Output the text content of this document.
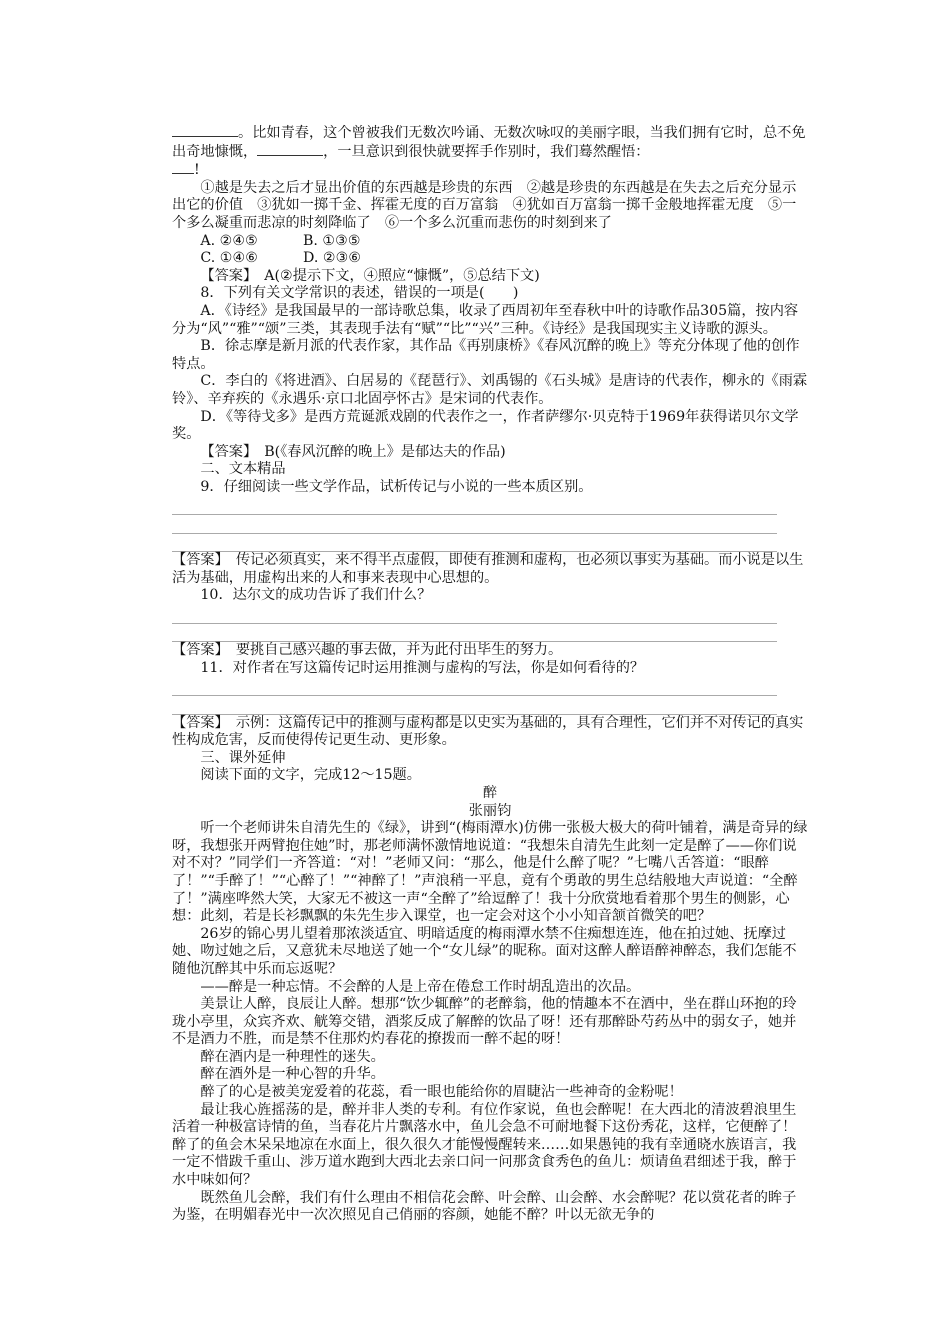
。比如青春，这个曾被我们无数次吟诵、无数次咏叹的美丽字眼，当我们拥有它时，总不免出奇地慷慨，	，一旦意识到很快就要挥手作别时，我们蓦然醒悟：

!

①越是失去之后才显出价值的东西越是珍贵的东西　②越是珍贵的东西越是在失去之后充分显示出它的价值　③犹如一掷千金、挥霍无度的百万富翁　④犹如百万富翁一掷千金般地挥霍无度　⑤一个多么凝重而悲凉的时刻降临了　⑥一个多么沉重而悲伤的时刻到来了

A. ②④⑤	B. ①③⑤

C. ①④⑥	D. ②③⑥

【答案】　A(②提示下文，④照应“慷慨”，⑤总结下文)

8．下列有关文学常识的表述，错误的一项是(　　)

A．《诗经》是我国最早的一部诗歌总集，收录了西周初年至春秋中叶的诗歌作品305篇，按内容分为“风”“雅”“颂”三类，其表现手法有“赋”“比”“兴”三种。《诗经》是我国现实主义诗歌的源头。

B．徐志摩是新月派的代表作家，其作品《再别康桥》《春风沉醉的晚上》等充分体现了他的创作特点。

C．李白的《将进酒》、白居易的《琵琶行》、刘禹锡的《石头城》是唐诗的代表作，柳永的《雨霖铃》、辛弃疾的《永遇乐·京口北固亭怀古》是宋词的代表作。

D．《等待戈多》是西方荒诞派戏剧的代表作之一，作者萨缪尔·贝克特于1969年获得诺贝尔文学奖。

【答案】　B(《春风沉醉的晚上》是郁达夫的作品)

二、文本精品

9．仔细阅读一些文学作品，试析传记与小说的一些本质区别。

【答案】　传记必须真实，来不得半点虚假，即使有推测和虚构，也必须以事实为基础。而小说是以生活为基础，用虚构出来的人和事来表现中心思想的。

10．达尔文的成功告诉了我们什么？

【答案】　要挑自己感兴趣的事去做，并为此付出毕生的努力。

11．对作者在写这篇传记时运用推测与虚构的写法，你是如何看待的？

【答案】　示例：这篇传记中的推测与虚构都是以史实为基础的，具有合理性，它们并不对传记的真实性构成危害，反而使得传记更生动、更形象。

三、课外延伸

阅读下面的文字，完成12～15题。

醉

张丽钧

听一个老师讲朱自清先生的《绿》，讲到“(梅雨潭水)仿佛一张极大极大的荷叶铺着，满是奇异的绿呀，我想张开两臂抱住她”时，那老师满怀激情地说道：“我想朱自清先生此刻一定是醉了——你们说对不对？”同学们一齐答道：“对！”老师又问：“那么，他是什么醉了呢？”七嘴八舌答道：“眼醉了！”“手醉了！”“心醉了！”“神醉了！”声浪稍一平息，竟有个勇敢的男生总结般地大声说道：“全醉了！”满座哗然大笑，大家无不被这一声“全醉了”给逗醉了！我十分欣赏地看着那个男生的侧影，心想：此刻，若是长衫飘飘的朱先生步入课堂，也一定会对这个小小知音颔首微笑的吧？

26岁的锦心男儿望着那浓淡适宜、明暗适度的梅雨潭水禁不住痴想连连，他在拍过她、抚摩过她、吻过她之后，又意犹未尽地送了她一个“女儿绿”的昵称。面对这醉人醉语醉神醉态，我们怎能不随他沉醉其中乐而忘返呢？

——醉是一种忘情。不会醉的人是上帝在倦怠工作时胡乱造出的次品。

美景让人醉，良辰让人醉。想那“饮少辄醉”的老醉翁，他的情趣本不在酒中，坐在群山环抱的玲珑小亭里，众宾齐欢、觥筹交错，酒浆反成了解醉的饮品了呀！还有那醉卧芍药丛中的弱女子，她并不是酒力不胜，而是禁不住那灼灼春花的撩拨而一醉不起的呀！

醉在酒内是一种理性的迷失。

醉在酒外是一种心智的升华。

醉了的心是被美宠爱着的花蕊，看一眼也能给你的眉睫沾一些神奇的金粉呢！

最让我心旌摇荡的是，醉并非人类的专利。有位作家说，鱼也会醉呢！在大西北的清波碧浪里生活着一种极富诗情的鱼，当春花片片飘落水中，鱼儿会急不可耐地餐下这份秀花，这样，它便醉了！醉了的鱼会木呆呆地凉在水面上，很久很久才能慢慢醒转来……如果愚钝的我有幸通晓水族语言，我一定不惜跋千重山、涉万道水跑到大西北去亲口问一问那贪食秀色的鱼儿：烦请鱼君细述于我，醉于水中味如何？

既然鱼儿会醉，我们有什么理由不相信花会醉、叶会醉、山会醉、水会醉呢？花以赏花者的眸子为鉴，在明媚春光中一次次照见自己俏丽的容颜，她能不醉？叶以无欲无争的
